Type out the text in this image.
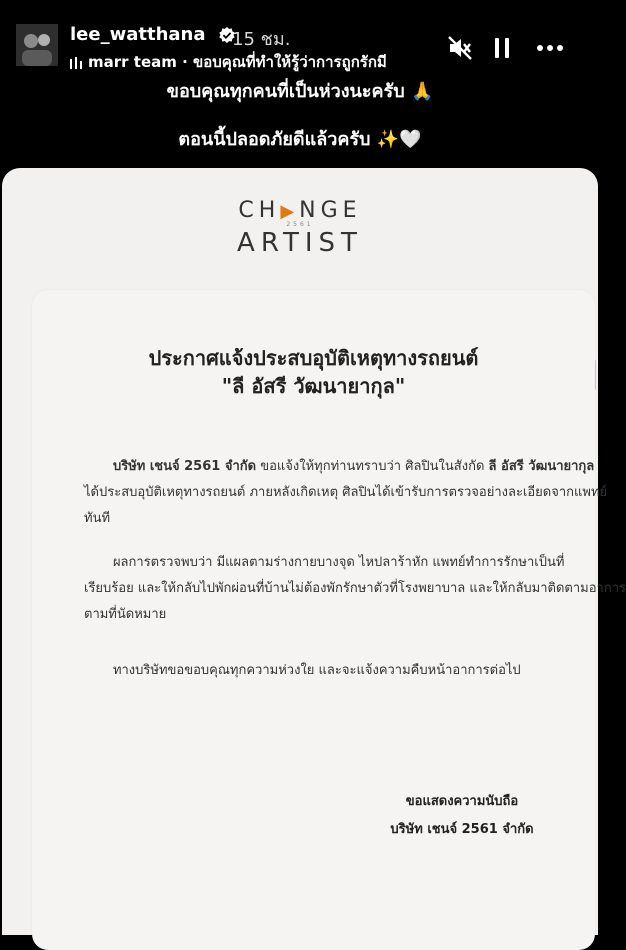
lee_watthana	15 ชม.
marr team · ขอบคุณที่ทำให้รู้ว่าการถูกรักมี
ขอบคุณทุกคนที่เป็นห่วงนะครับ 🙏
ตอนนี้ปลอดภัยดีแล้วครับ ✨🤍
CH▶NGE
2561
ARTIST
ประกาศแจ้งประสบอุบัติเหตุทางรถยนต์
"ลี อัสรี วัฒนายากุล"
บริษัท เชนจ์ 2561 จำกัด ขอแจ้งให้ทุกท่านทราบว่า ศิลปินในสังกัด ลี อัสรี วัฒนายากุล
ได้ประสบอุบัติเหตุทางรถยนต์ ภายหลังเกิดเหตุ ศิลปินได้เข้ารับการตรวจอย่างละเอียดจากแพทย์
ทันที
ผลการตรวจพบว่า มีแผลตามร่างกายบางจุด ไหปลาร้าหัก แพทย์ทำการรักษาเป็นที่
เรียบร้อย และให้กลับไปพักผ่อนที่บ้านไม่ต้องพักรักษาตัวที่โรงพยาบาล และให้กลับมาติดตามอาการ
ตามที่นัดหมาย
ทางบริษัทขอขอบคุณทุกความห่วงใย และจะแจ้งความคืบหน้าอาการต่อไป
ขอแสดงความนับถือ
บริษัท เชนจ์ 2561 จำกัด
